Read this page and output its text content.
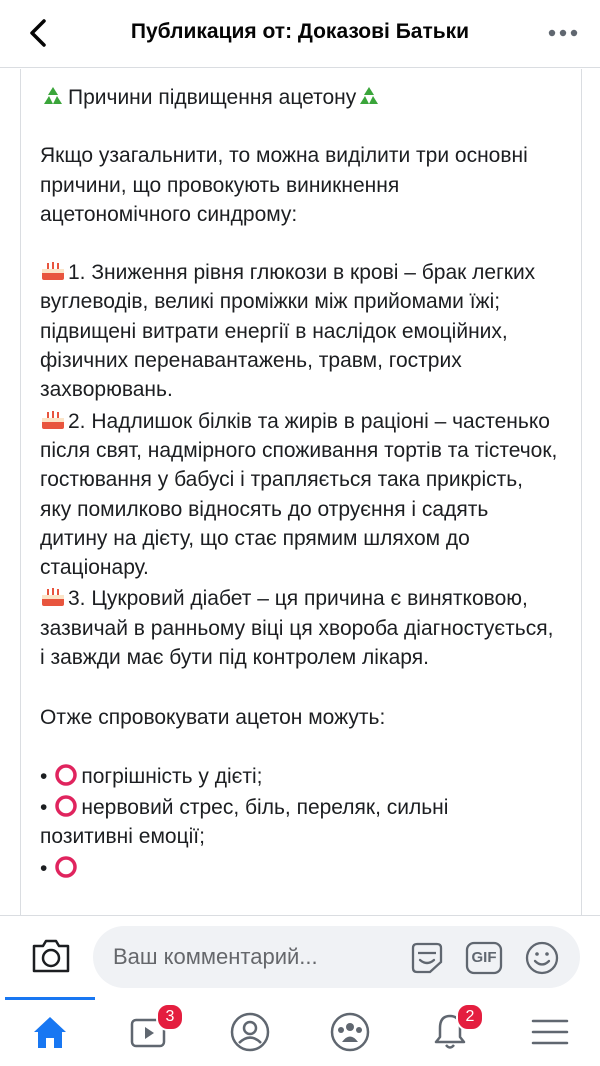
Публикация от: Доказові Батьки

Причини підвищення ацетону

Якщо узагальнити, то можна виділити три основні причини, що провокують виникнення ацетономічного синдрому:

1. Зниження рівня глюкози в крові – брак легких вуглеводів, великі проміжки між прийомами їжі; підвищені витрати енергії в наслідок емоційних, фізичних перенавантажень, травм, гострих захворювань.

2. Надлишок білків та жирів в раціоні – частенько після свят, надмірного споживання тортів та тістечок, гостювання у бабусі і трапляється така прикрість, яку помилково відносять до отруєння і садять дитину на дієту, що стає прямим шляхом до стаціонару.

3. Цукровий діабет – ця причина є винятковою, зазвичай в ранньому віці ця хвороба діагностується, і завжди має бути під контролем лікаря.

Отже спровокувати ацетон можуть:

• погрішність у дієті;

• нервовий стрес, біль, переляк, сильні позитивні емоції;

•

Ваш комментарий...
GIF
3	2
